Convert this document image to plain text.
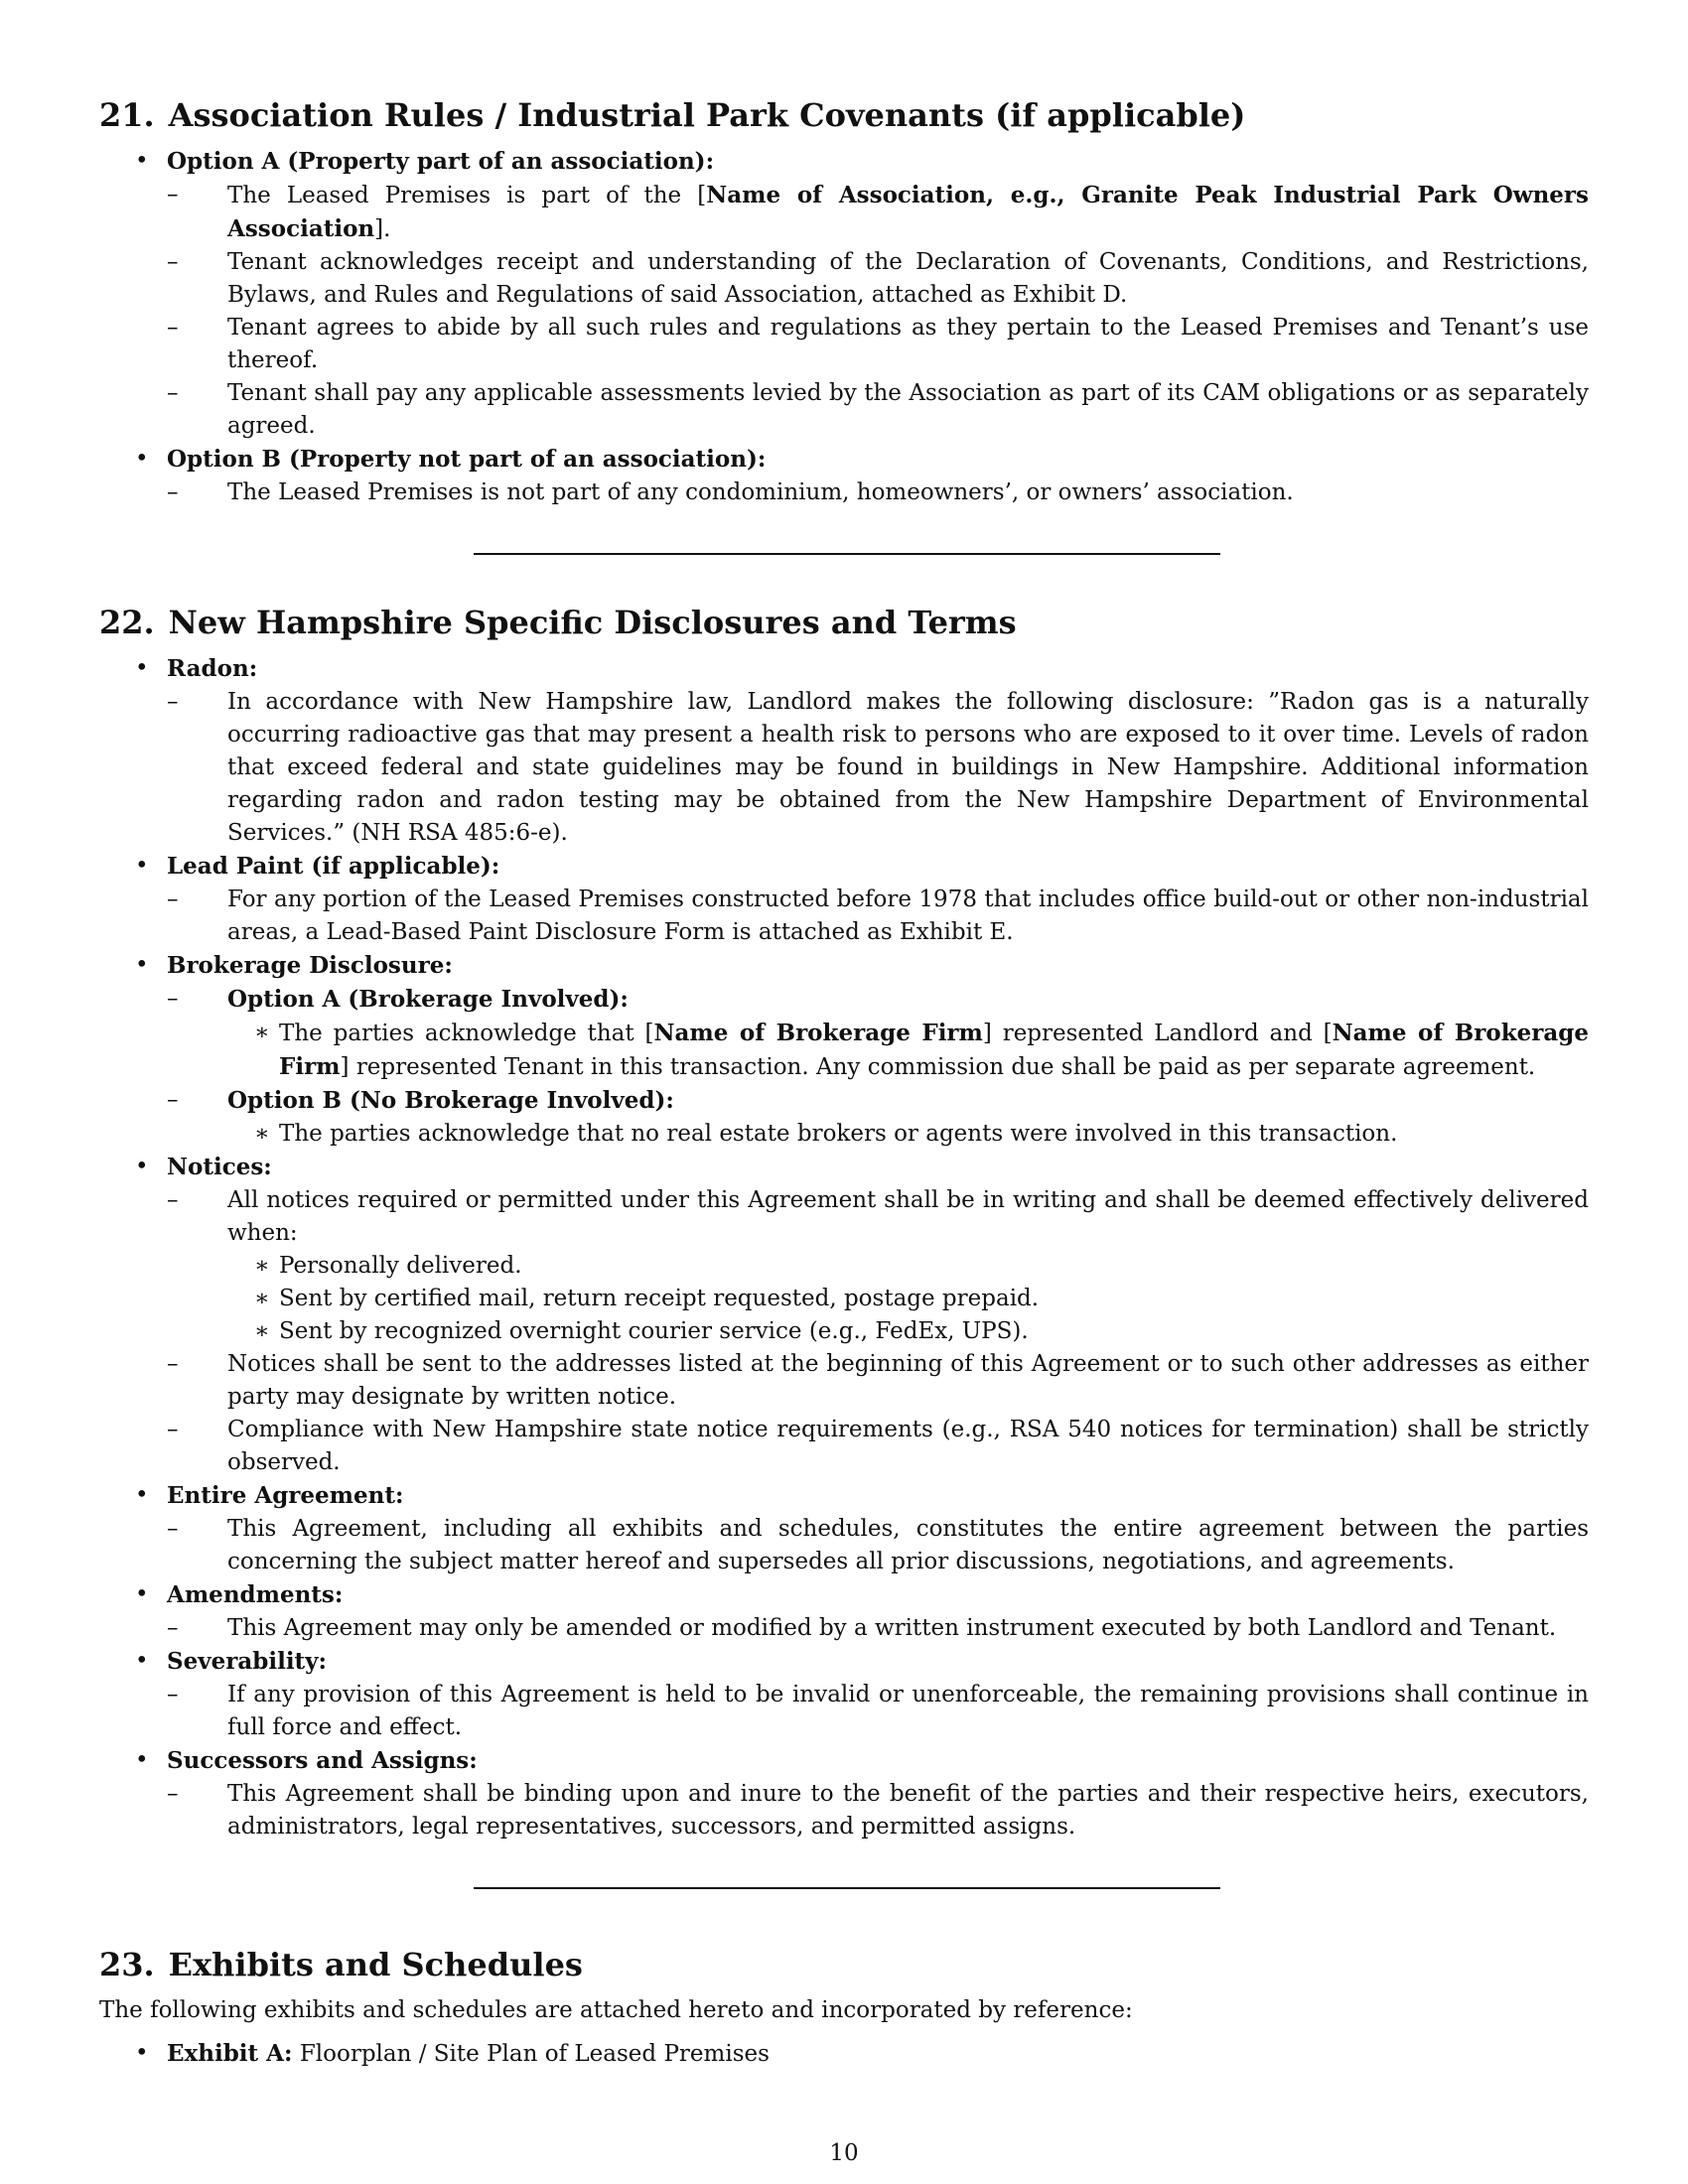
21. Association Rules / Industrial Park Covenants (if applicable)
• Option A (Property part of an association):
– The Leased Premises is part of the [Name of Association, e.g., Granite Peak Industrial Park Owners Association].
– Tenant acknowledges receipt and understanding of the Declaration of Covenants, Conditions, and Restrictions, Bylaws, and Rules and Regulations of said Association, attached as Exhibit D.
– Tenant agrees to abide by all such rules and regulations as they pertain to the Leased Premises and Tenant’s use thereof.
– Tenant shall pay any applicable assessments levied by the Association as part of its CAM obligations or as separately agreed.
• Option B (Property not part of an association):
– The Leased Premises is not part of any condominium, homeowners’, or owners’ association.
22. New Hampshire Specific Disclosures and Terms
• Radon:
– In accordance with New Hampshire law, Landlord makes the following disclosure: ”Radon gas is a naturally occurring radioactive gas that may present a health risk to persons who are exposed to it over time. Levels of radon that exceed federal and state guidelines may be found in buildings in New Hampshire. Additional information regarding radon and radon testing may be obtained from the New Hampshire Department of Environmental Services.” (NH RSA 485:6-e).
• Lead Paint (if applicable):
– For any portion of the Leased Premises constructed before 1978 that includes office build-out or other non-industrial areas, a Lead-Based Paint Disclosure Form is attached as Exhibit E.
• Brokerage Disclosure:
– Option A (Brokerage Involved):
∗ The parties acknowledge that [Name of Brokerage Firm] represented Landlord and [Name of Brokerage Firm] represented Tenant in this transaction. Any commission due shall be paid as per separate agreement.
– Option B (No Brokerage Involved):
∗ The parties acknowledge that no real estate brokers or agents were involved in this transaction.
• Notices:
– All notices required or permitted under this Agreement shall be in writing and shall be deemed effectively delivered when:
∗ Personally delivered.
∗ Sent by certified mail, return receipt requested, postage prepaid.
∗ Sent by recognized overnight courier service (e.g., FedEx, UPS).
– Notices shall be sent to the addresses listed at the beginning of this Agreement or to such other addresses as either party may designate by written notice.
– Compliance with New Hampshire state notice requirements (e.g., RSA 540 notices for termination) shall be strictly observed.
• Entire Agreement:
– This Agreement, including all exhibits and schedules, constitutes the entire agreement between the parties concerning the subject matter hereof and supersedes all prior discussions, negotiations, and agreements.
• Amendments:
– This Agreement may only be amended or modified by a written instrument executed by both Landlord and Tenant.
• Severability:
– If any provision of this Agreement is held to be invalid or unenforceable, the remaining provisions shall continue in full force and effect.
• Successors and Assigns:
– This Agreement shall be binding upon and inure to the benefit of the parties and their respective heirs, executors, administrators, legal representatives, successors, and permitted assigns.
23. Exhibits and Schedules

The following exhibits and schedules are attached hereto and incorporated by reference:

• Exhibit A: Floorplan / Site Plan of Leased Premises
10
